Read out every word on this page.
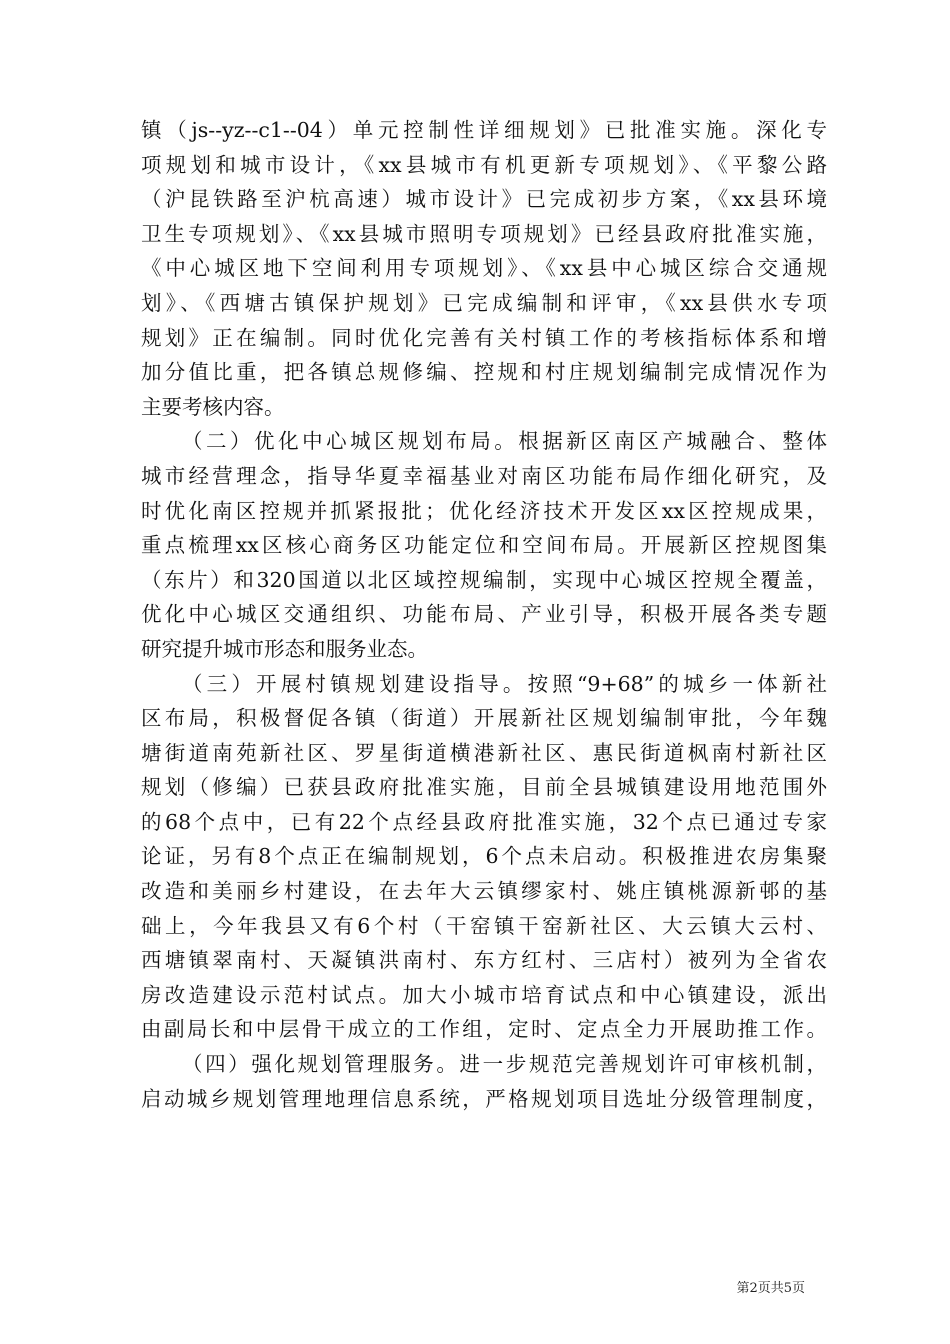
镇（js--yz--c1--04）单元控制性详细规划》已批准实施。深化专
项规划和城市设计，《xx县城市有机更新专项规划》、《平黎公路
（沪昆铁路至沪杭高速）城市设计》已完成初步方案，《xx县环境
卫生专项规划》、《xx县城市照明专项规划》已经县政府批准实施，
《中心城区地下空间利用专项规划》、《xx县中心城区综合交通规
划》、《西塘古镇保护规划》已完成编制和评审，《xx县供水专项
规划》正在编制。同时优化完善有关村镇工作的考核指标体系和增
加分值比重，把各镇总规修编、控规和村庄规划编制完成情况作为
主要考核内容。
（二）优化中心城区规划布局。根据新区南区产城融合、整体
城市经营理念，指导华夏幸福基业对南区功能布局作细化研究，及
时优化南区控规并抓紧报批；优化经济技术开发区xx区控规成果，
重点梳理xx区核心商务区功能定位和空间布局。开展新区控规图集
（东片）和320国道以北区域控规编制，实现中心城区控规全覆盖，
优化中心城区交通组织、功能布局、产业引导，积极开展各类专题
研究提升城市形态和服务业态。
（三）开展村镇规划建设指导。按照“9+68”的城乡一体新社
区布局，积极督促各镇（街道）开展新社区规划编制审批，今年魏
塘街道南苑新社区、罗星街道横港新社区、惠民街道枫南村新社区
规划（修编）已获县政府批准实施，目前全县城镇建设用地范围外
的68个点中，已有22个点经县政府批准实施，32个点已通过专家
论证，另有8个点正在编制规划，6个点未启动。积极推进农房集聚
改造和美丽乡村建设，在去年大云镇缪家村、姚庄镇桃源新邨的基
础上，今年我县又有6个村（干窑镇干窑新社区、大云镇大云村、
西塘镇翠南村、天凝镇洪南村、东方红村、三店村）被列为全省农
房改造建设示范村试点。加大小城市培育试点和中心镇建设，派出
由副局长和中层骨干成立的工作组，定时、定点全力开展助推工作。
（四）强化规划管理服务。进一步规范完善规划许可审核机制，
启动城乡规划管理地理信息系统，严格规划项目选址分级管理制度，
第2页共5页
